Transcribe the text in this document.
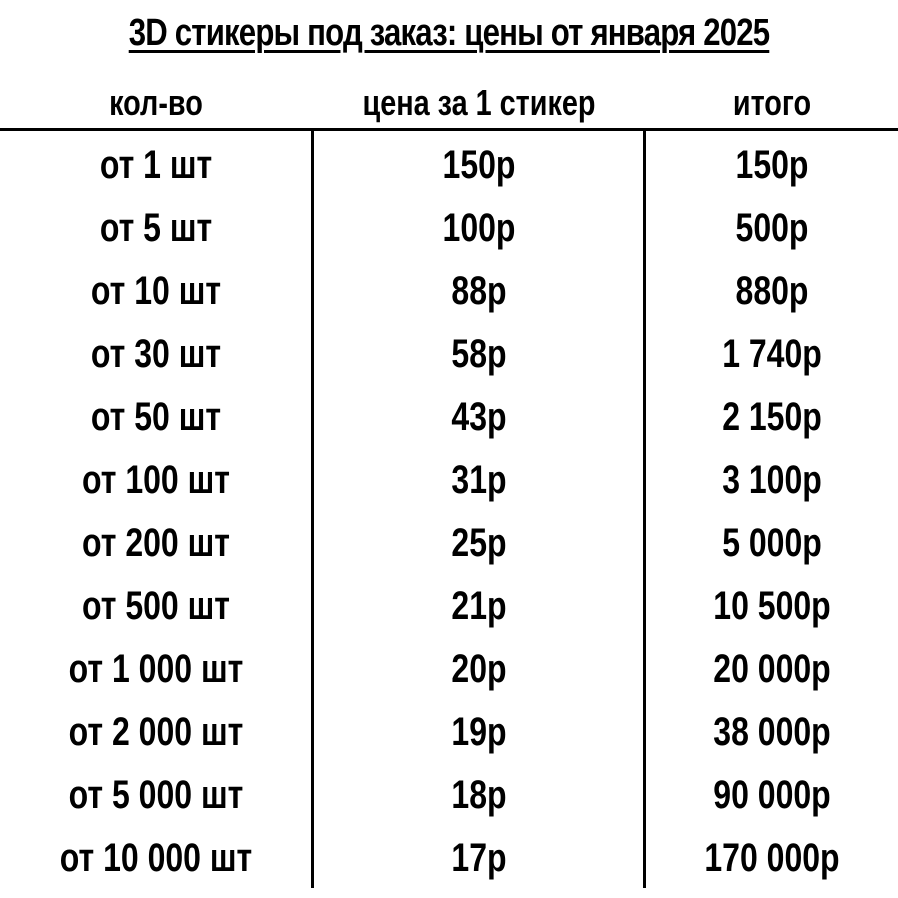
3D стикеры под заказ: цены от января 2025
кол-во	цена за 1 стикер	итого
от 1 шт	150р	150р
от 5 шт	100р	500р
от 10 шт	88р	880р
от 30 шт	58р	1 740р
от 50 шт	43р	2 150р
от 100 шт	31р	3 100р
от 200 шт	25р	5 000р
от 500 шт	21р	10 500р
от 1 000 шт	20р	20 000р
от 2 000 шт	19р	38 000р
от 5 000 шт	18р	90 000р
от 10 000 шт	17р	170 000р
